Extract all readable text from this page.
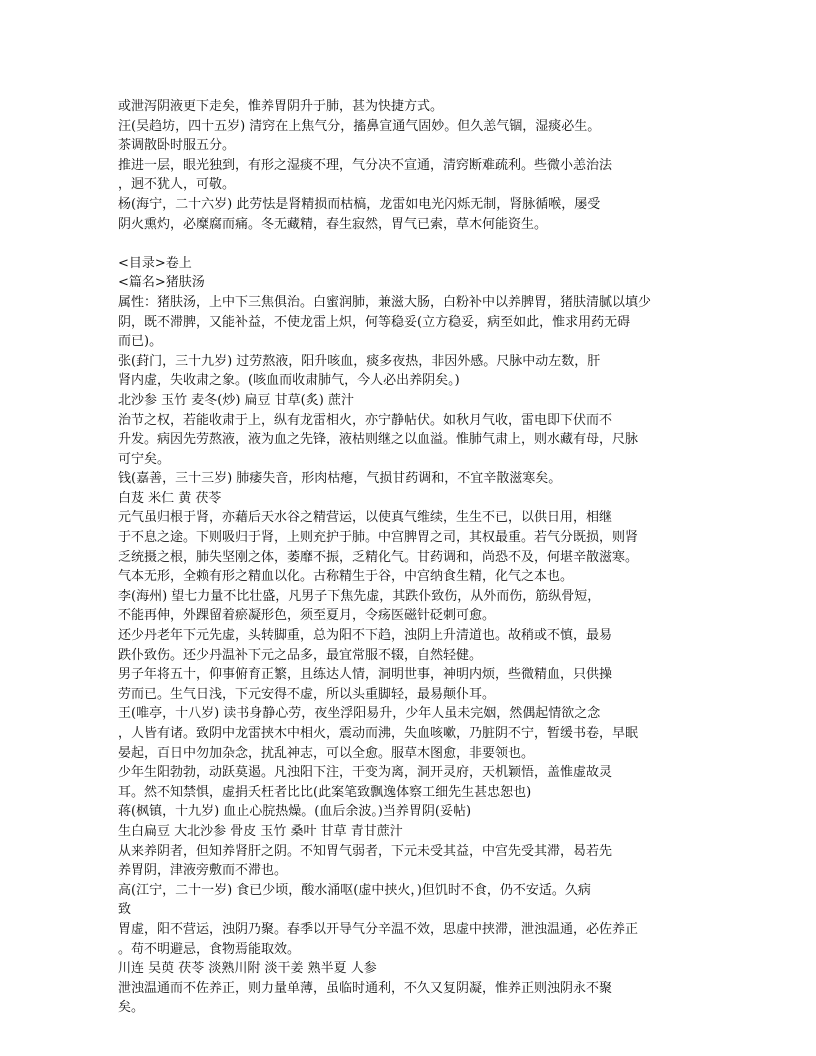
或泄泻阴液更下走矣，惟养胃阴升于肺，甚为快捷方式。
汪(吴趋坊，四十五岁) 清窍在上焦气分，搐鼻宣通气固妙。但久恙气锢，湿痰必生。
茶调散卧时服五分。
推进一层，眼光独到，有形之湿痰不理，气分决不宣通，清窍断难疏利。些微小恙治法
，迥不犹人，可敬。
杨(海宁，二十六岁) 此劳怯是肾精损而枯槁，龙雷如电光闪烁无制，肾脉循喉，屡受
阴火熏灼，必糜腐而痛。冬无藏精，春生寂然，胃气已索，草木何能资生。
<目录>卷上
<篇名>猪肤汤
属性：猪肤汤，上中下三焦俱治。白蜜润肺，兼滋大肠，白粉补中以养脾胃，猪肤清腻以填少
阴，既不滞脾，又能补益，不使龙雷上炽，何等稳妥(立方稳妥，病至如此，惟求用药无碍
而已)。
张(葑门，三十九岁) 过劳熬液，阳升咳血，痰多夜热，非因外感。尺脉中动左数，肝
肾内虚，失收肃之象。(咳血而收肃肺气，今人必出养阴矣。)
北沙参 玉竹 麦冬(炒) 扁豆 甘草(炙) 蔗汁
治节之权，若能收肃于上，纵有龙雷相火，亦宁静帖伏。如秋月气收，雷电即下伏而不
升发。病因先劳熬液，液为血之先锋，液枯则继之以血溢。惟肺气肃上，则水藏有母，尺脉
可宁矣。
钱(嘉善，三十三岁) 肺痿失音，形肉枯瘪，气损甘药调和，不宜辛散滋寒矣。
白芨 米仁 黄 茯苓
元气虽归根于肾，亦藉后天水谷之精营运，以使真气维续，生生不已，以供日用，相继
于不息之途。下则吸归于肾，上则充护于肺。中宫脾胃之司，其权最重。若气分既损，则肾
乏统摄之根，肺失坚刚之体，萎靡不振，乏精化气。甘药调和，尚恐不及，何堪辛散滋寒。
气本无形，全赖有形之精血以化。古称精生于谷，中宫纳食生精，化气之本也。
李(海州) 望七力量不比壮盛，凡男子下焦先虚，其跌仆致伤，从外而伤，筋纵骨短，
不能再伸，外踝留着瘀凝形色，须至夏月，令疡医磁针砭刺可愈。
还少丹老年下元先虚，头转脚重，总为阳不下趋，浊阴上升清道也。故稍或不慎，最易
跌仆致伤。还少丹温补下元之品多，最宜常服不辍，自然轻健。
男子年将五十，仰事俯育正繁，且练达人情，洞明世事，神明内烦，些微精血，只供操
劳而已。生气日浅，下元安得不虚，所以头重脚轻，最易颠仆耳。
王(唯亭，十八岁) 读书身静心劳，夜坐浮阳易升，少年人虽未完姻，然偶起情欲之念
，人皆有诸。致阴中龙雷挟木中相火，震动而沸，失血咳嗽，乃脏阴不宁，暂缓书卷，早眠
晏起，百日中勿加杂念，扰乱神志，可以全愈。服草木图愈，非要领也。
少年生阳勃勃，动跃莫遏。凡浊阳下注，干变为离，洞开灵府，天机颖悟，盖惟虚故灵
耳。然不知禁惧，虚捐夭枉者比比(此案笔致飘逸体察工细先生甚忠恕也)
蒋(枫镇，十九岁) 血止心脘热燥。(血后余波。)当养胃阴(妥帖)
生白扁豆 大北沙参 骨皮 玉竹 桑叶 甘草 青甘蔗汁
从来养阴者，但知养肾肝之阴。不知胃气弱者，下元未受其益，中宫先受其滞，曷若先
养胃阴，津液旁敷而不滞也。
高(江宁，二十一岁) 食已少顷，酸水涌呕(虚中挟火，)但饥时不食，仍不安适。久病
致
胃虚，阳不营运，浊阴乃聚。春季以开导气分辛温不效，思虚中挟滞，泄浊温通，必佐养正
。苟不明避忌，食物焉能取效。
川连 吴萸 茯苓 淡熟川附 淡干姜 熟半夏 人参
泄浊温通而不佐养正，则力量单薄，虽临时通利，不久又复阴凝，惟养正则浊阴永不聚
矣。
